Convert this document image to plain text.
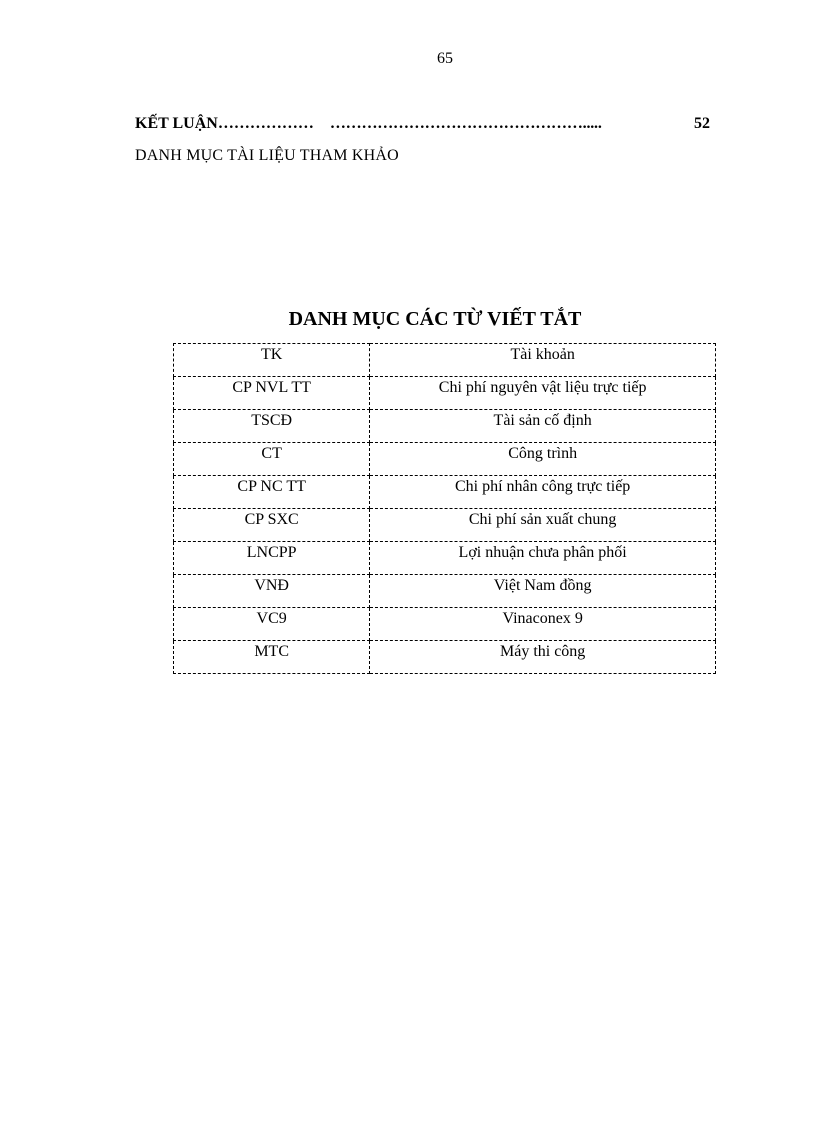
65
KẾT LUẬN……………… ………………………………………….....	52
DANH MỤC TÀI LIỆU THAM KHẢO
DANH MỤC CÁC TỪ VIẾT TẮT
TK	Tài khoản
CP NVL TT	Chi phí nguyên vật liệu trực tiếp
TSCĐ	Tài sản cố định
CT	Công trình
CP NC TT	Chi phí nhân công trực tiếp
CP SXC	Chi phí sản xuất chung
LNCPP	Lợi nhuận chưa phân phối
VNĐ	Việt Nam đồng
VC9	Vinaconex 9
MTC	Máy thi công
